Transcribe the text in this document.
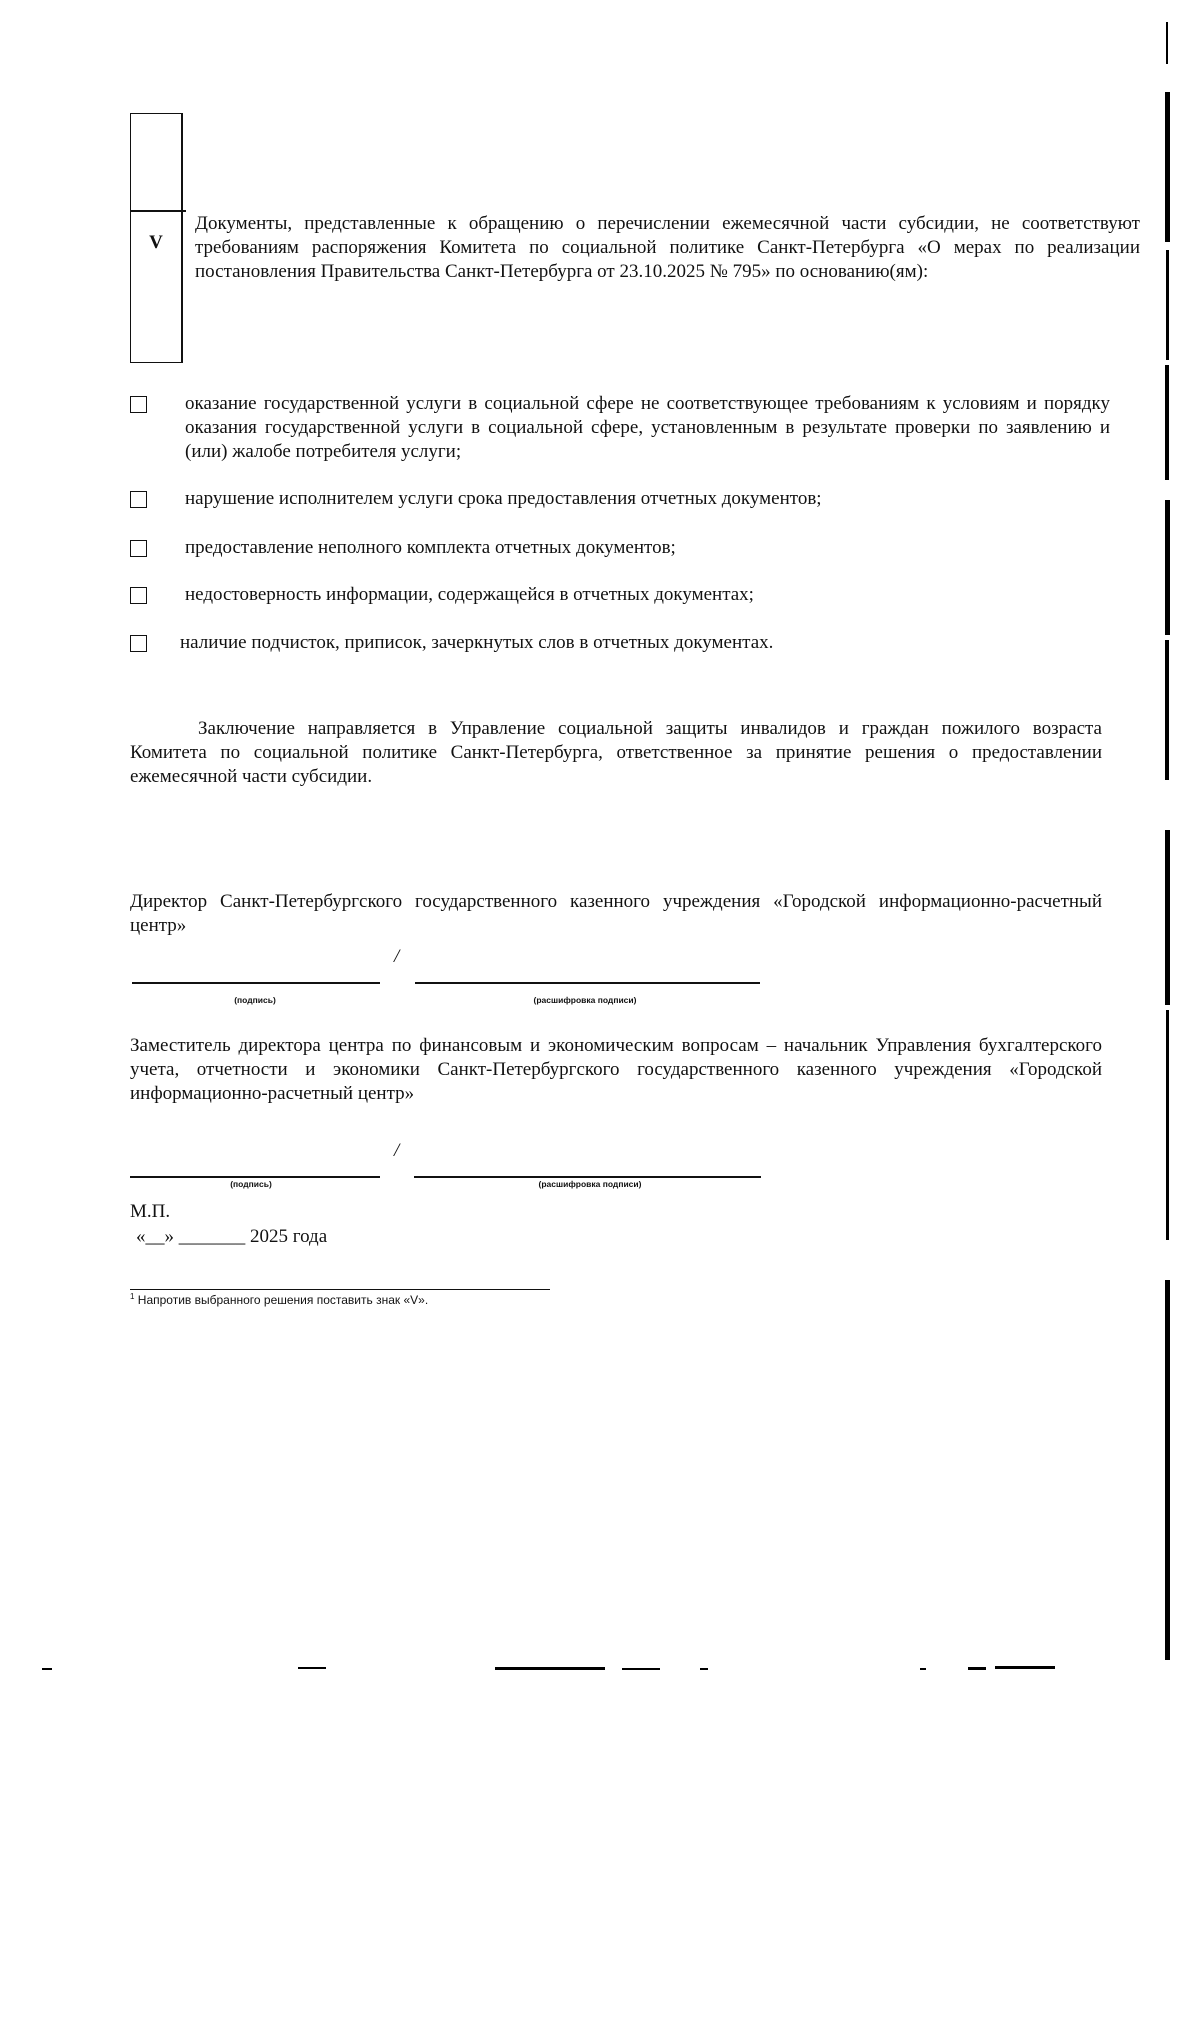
V
Документы, представленные к обращению о перечислении ежемесячной части субсидии, не соответствуют требованиям распоряжения Комитета по социальной политике Санкт-Петербурга «О мерах по реализации постановления Правительства Санкт-Петербурга от 23.10.2025 № 795» по основанию(ям):
оказание государственной услуги в социальной сфере не соответствующее требованиям к условиям и порядку оказания государственной услуги в социальной сфере, установленным в результате проверки по заявлению и (или) жалобе потребителя услуги;
нарушение исполнителем услуги срока предоставления отчетных документов;
предоставление неполного комплекта отчетных документов;
недостоверность информации, содержащейся в отчетных документах;
наличие подчисток, приписок, зачеркнутых слов в отчетных документах.
Заключение направляется в Управление социальной защиты инвалидов и граждан пожилого возраста Комитета по социальной политике Санкт-Петербурга, ответственное за принятие решения о предоставлении ежемесячной части субсидии.
Директор Санкт-Петербургского государственного казенного учреждения «Городской информационно-расчетный центр»
/
(подпись)	(расшифровка подписи)
Заместитель директора центра по финансовым и экономическим вопросам – начальник Управления бухгалтерского учета, отчетности и экономики Санкт-Петербургского государственного казенного учреждения «Городской информационно-расчетный центр»
/
(подпись)	(расшифровка подписи)
М.П.
«__» _______ 2025 года
$^1$ Напротив выбранного решения поставить знак «V».
